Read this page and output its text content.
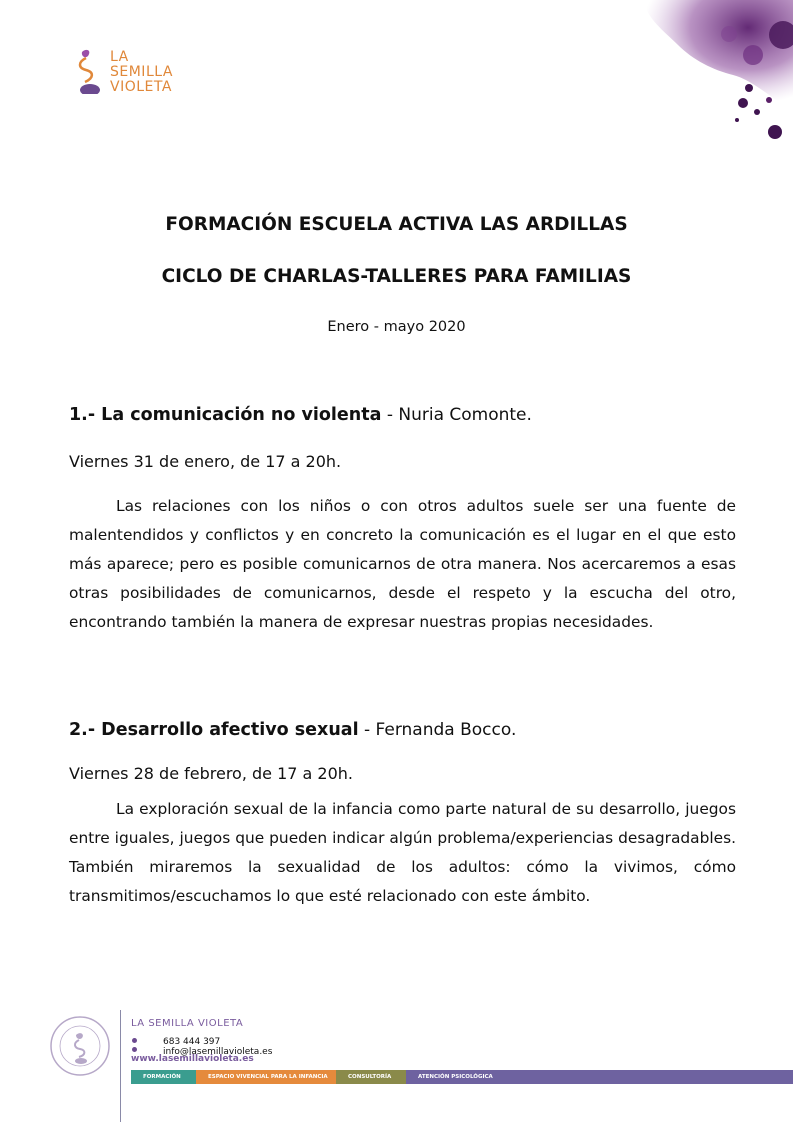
LA
SEMILLA
VIOLETA
FORMACIÓN ESCUELA ACTIVA LAS ARDILLAS
CICLO DE CHARLAS-TALLERES PARA FAMILIAS
Enero - mayo 2020
1.- La comunicación no violenta - Nuria Comonte.
Viernes 31 de enero, de 17 a 20h.

Las relaciones con los niños o con otros adultos suele ser una fuente de malentendidos y conflictos y en concreto la comunicación es el lugar en el que esto más aparece; pero es posible comunicarnos de otra manera. Nos acercaremos a esas otras posibilidades de comunicarnos, desde el respeto y la escucha del otro, encontrando también la manera de expresar nuestras propias necesidades.

2.- Desarrollo afectivo sexual - Fernanda Bocco.
Viernes 28 de febrero, de 17 a 20h.

La exploración sexual de la infancia como parte natural de su desarrollo, juegos entre iguales, juegos que pueden indicar algún problema/experiencias desagradables. También miraremos la sexualidad de los adultos: cómo la vivimos, cómo transmitimos/escuchamos lo que esté relacionado con este ámbito.

LA SEMILLA VIOLETA
683 444 397
info@lasemillavioleta.es
www.lasemillavioleta.es
FORMACIÓN	ESPACIO VIVENCIAL PARA LA INFANCIA	CONSULTORÍA	ATENCIÓN PSICOLÓGICA
